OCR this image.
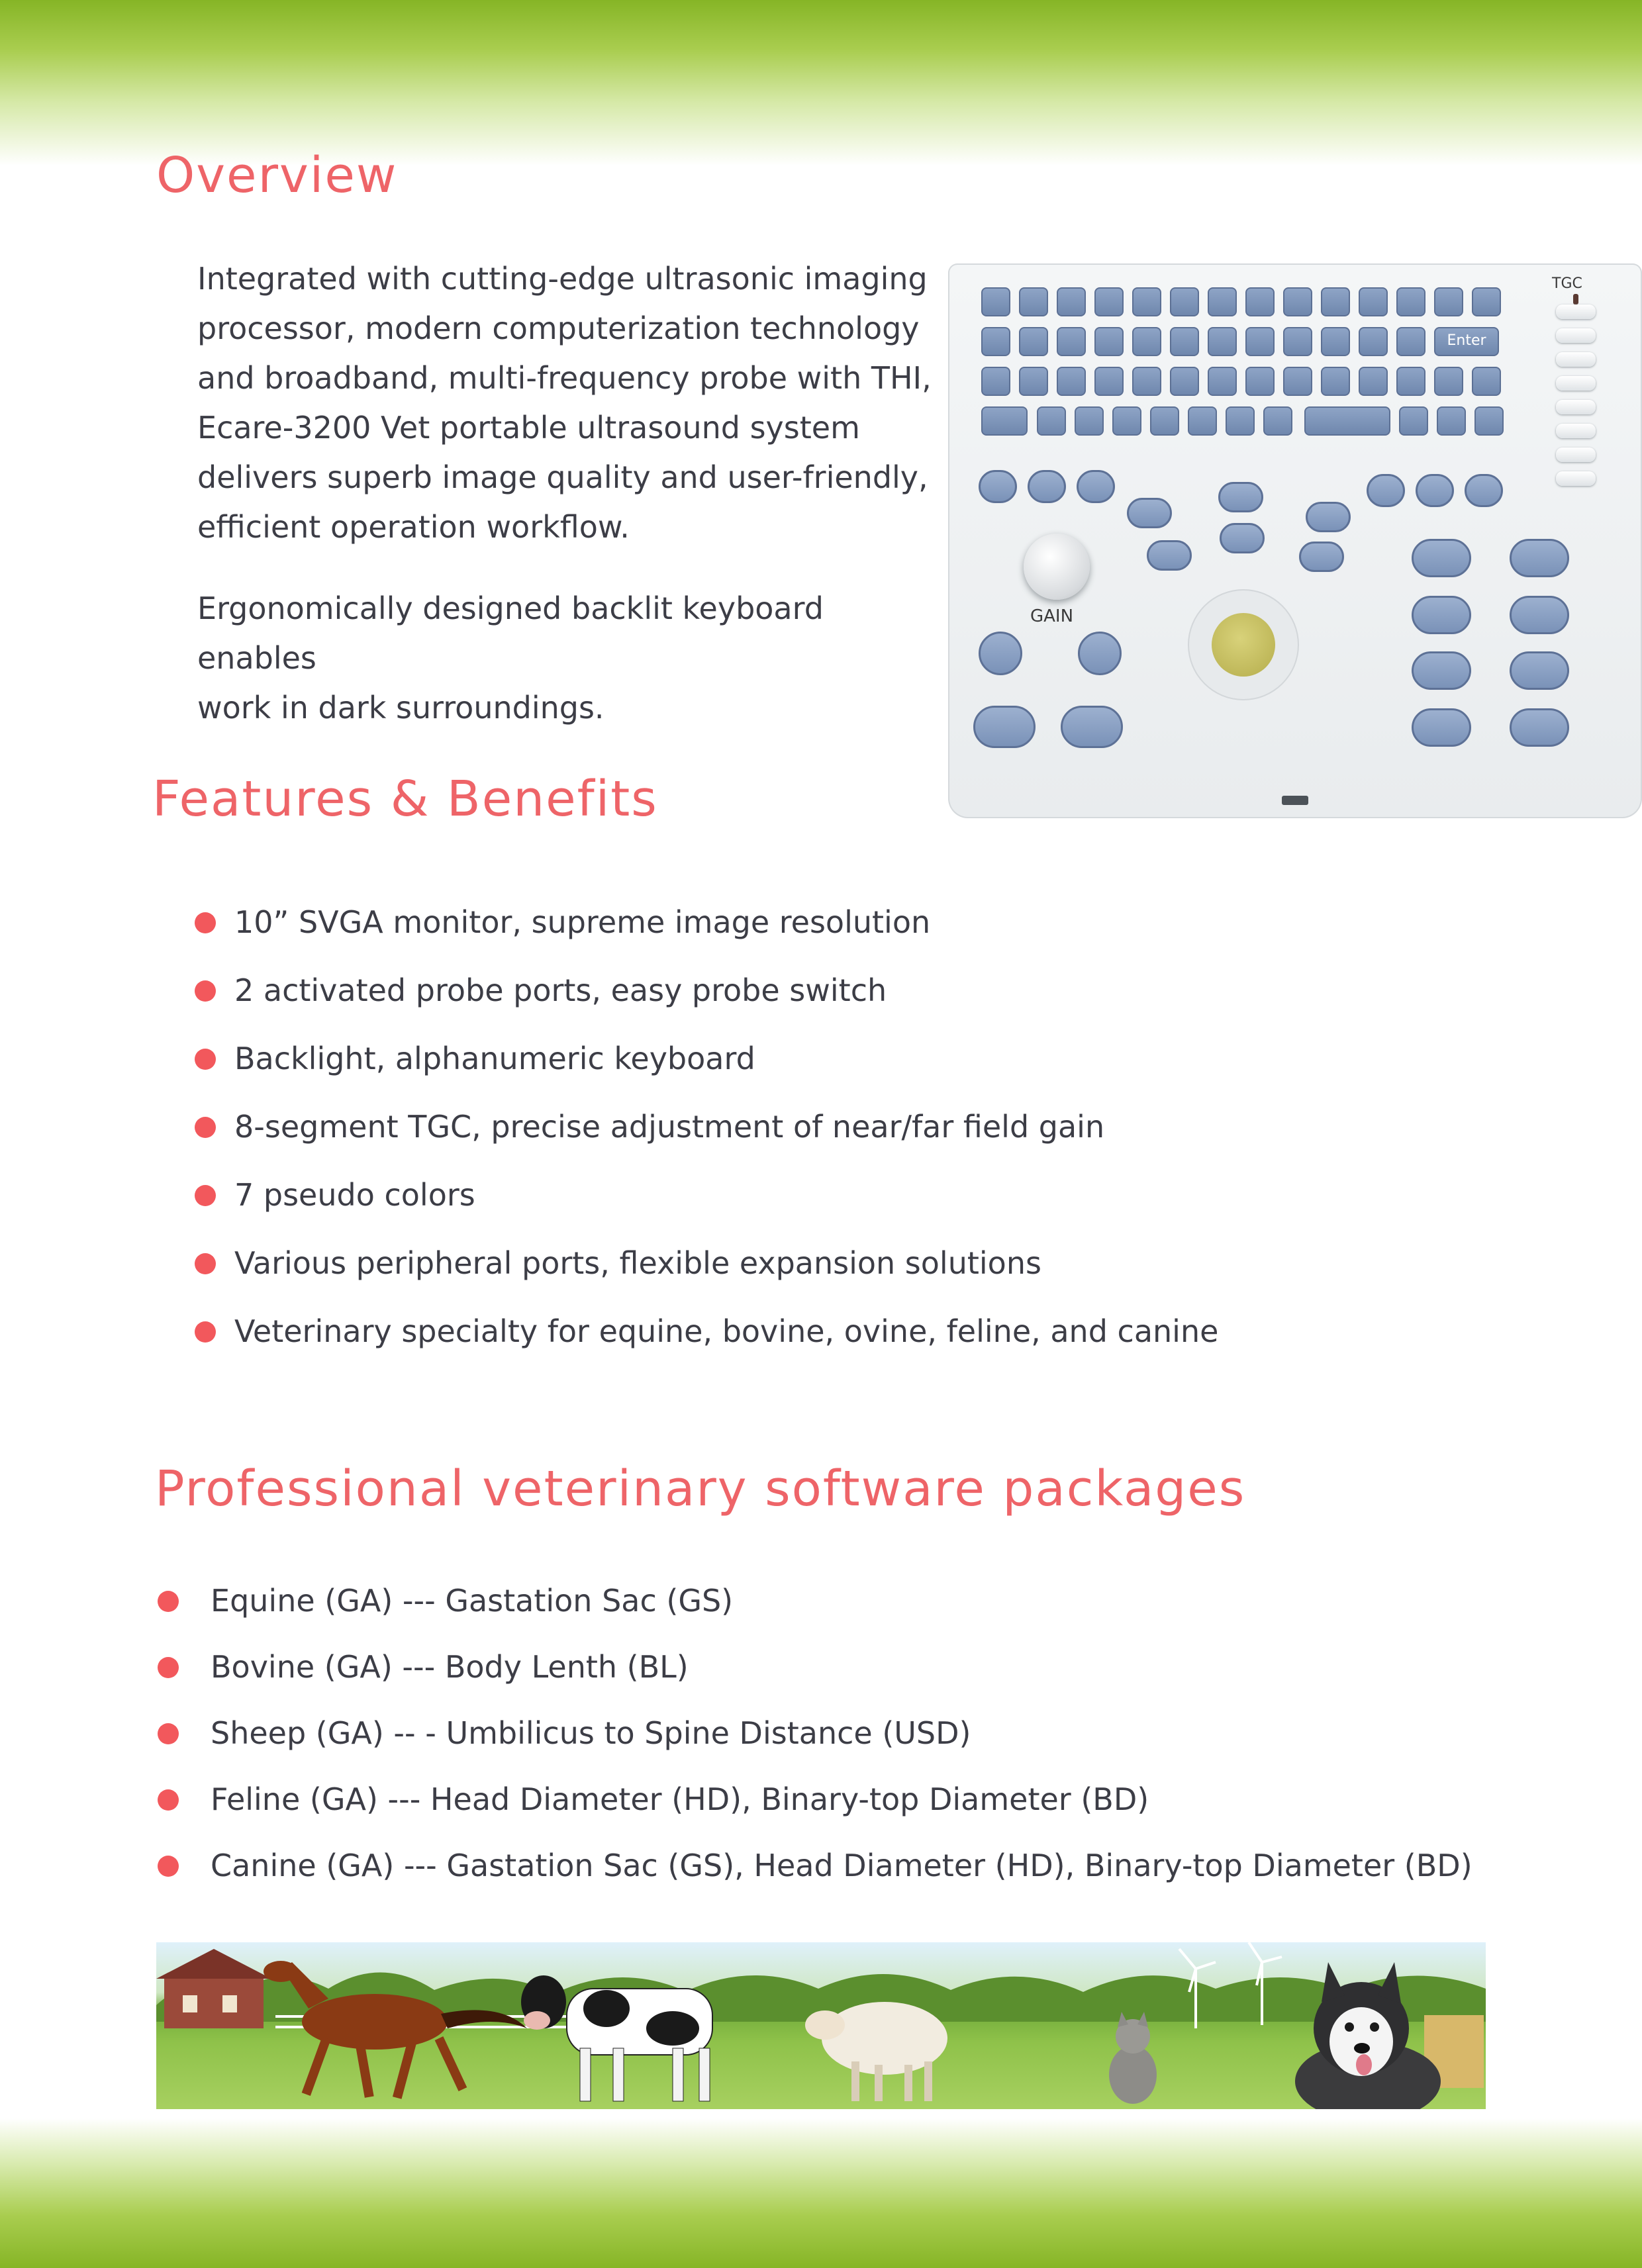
Overview
Integrated with cutting-edge ultrasonic imaging
processor, modern computerization technology
and broadband, multi-frequency probe with THI,
Ecare-3200 Vet portable ultrasound system
delivers superb image quality and user-friendly,
efficient operation workflow.
Ergonomically designed backlit keyboard enables
work in dark surroundings.
Enter
TGC
GAIN
Features & Benefits
10” SVGA monitor, supreme image resolution
2 activated probe ports, easy probe switch
Backlight, alphanumeric keyboard
8-segment TGC, precise adjustment of near/far field gain
7 pseudo colors
Various peripheral ports, flexible expansion solutions
Veterinary specialty for equine, bovine, ovine, feline, and canine
Professional veterinary software packages
Equine (GA) --- Gastation Sac (GS)
Bovine (GA) --- Body Lenth (BL)
Sheep (GA) -- - Umbilicus to Spine Distance (USD)
Feline (GA) --- Head Diameter (HD), Binary-top Diameter (BD)
Canine (GA) --- Gastation Sac (GS), Head Diameter (HD), Binary-top Diameter (BD)
